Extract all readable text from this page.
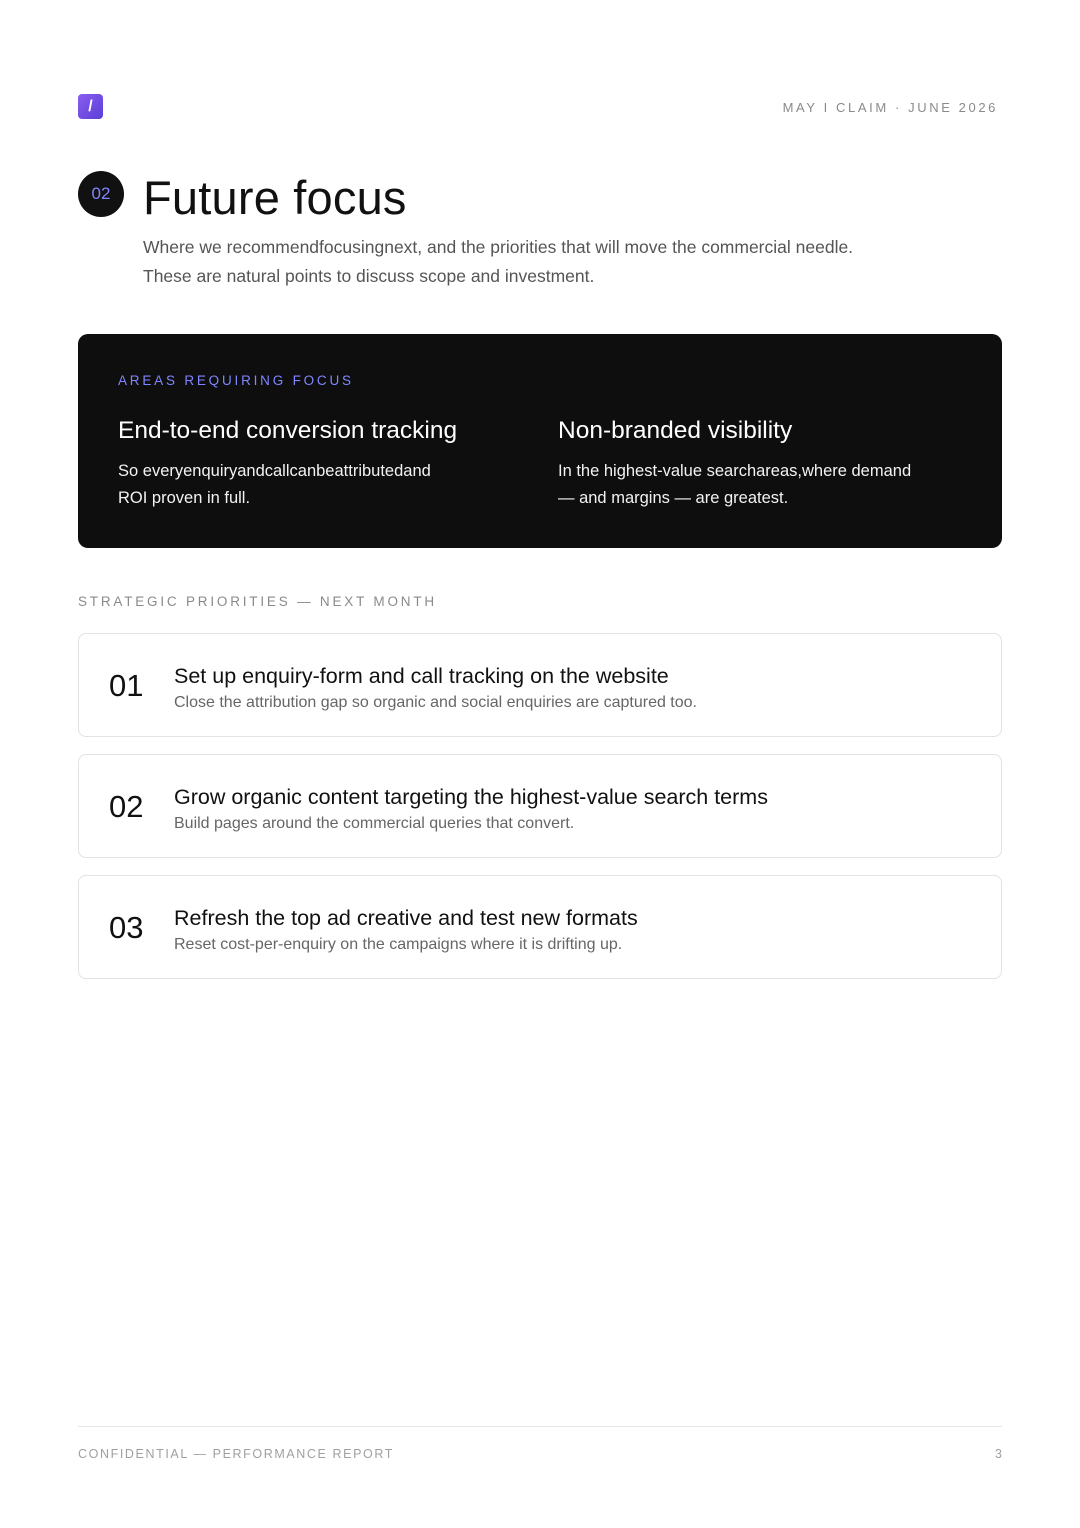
/	MAY I CLAIM · JUNE 2026
02 Future focus
Where we recommendfocusingnext, and the priorities that will move the commercial needle.
These are natural points to discuss scope and investment.
AREAS REQUIRING FOCUS
End-to-end conversion tracking

So everyenquiryandcallcanbeattributedand
ROI proven in full.

Non-branded visibility

In the highest-value searchareas,where demand
— and margins — are greatest.

STRATEGIC PRIORITIES — NEXT MONTH
01 Set up enquiry-form and call tracking on the website
Close the attribution gap so organic and social enquiries are captured too.
02 Grow organic content targeting the highest-value search terms
Build pages around the commercial queries that convert.
03 Refresh the top ad creative and test new formats
Reset cost-per-enquiry on the campaigns where it is drifting up.
CONFIDENTIAL — PERFORMANCE REPORT	3
